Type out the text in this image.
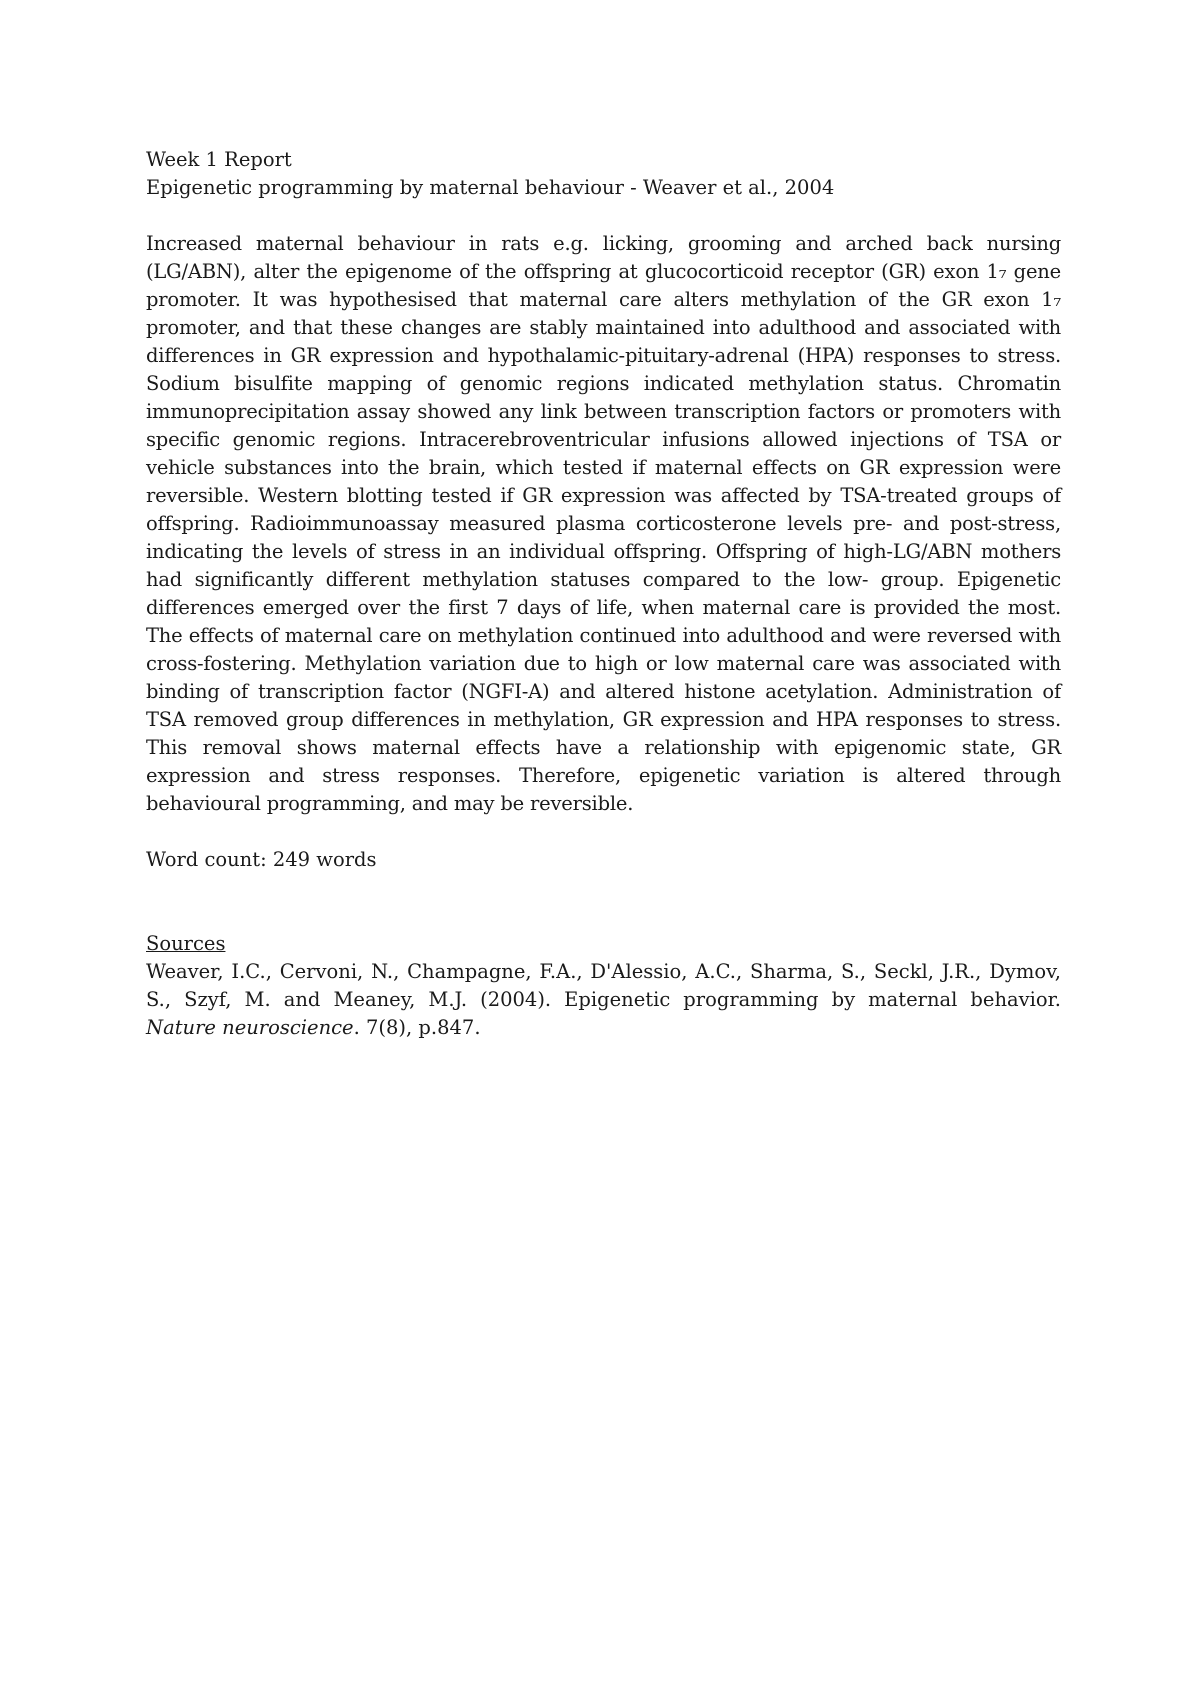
Week 1 Report
Epigenetic programming by maternal behaviour - Weaver et al., 2004
Increased maternal behaviour in rats e.g. licking, grooming and arched back nursing (LG/ABN), alter the epigenome of the offspring at glucocorticoid receptor (GR) exon 1₇ gene promoter. It was hypothesised that maternal care alters methylation of the GR exon 1₇ promoter, and that these changes are stably maintained into adulthood and associated with differences in GR expression and hypothalamic-pituitary-adrenal (HPA) responses to stress. Sodium bisulfite mapping of genomic regions indicated methylation status. Chromatin immunoprecipitation assay showed any link between transcription factors or promoters with specific genomic regions. Intracerebroventricular infusions allowed injections of TSA or vehicle substances into the brain, which tested if maternal effects on GR expression were reversible. Western blotting tested if GR expression was affected by TSA-treated groups of offspring. Radioimmunoassay measured plasma corticosterone levels pre- and post-stress, indicating the levels of stress in an individual offspring. Offspring of high-LG/ABN mothers had significantly different methylation statuses compared to the low- group. Epigenetic differences emerged over the first 7 days of life, when maternal care is provided the most. The effects of maternal care on methylation continued into adulthood and were reversed with cross-fostering. Methylation variation due to high or low maternal care was associated with binding of transcription factor (NGFI-A) and altered histone acetylation. Administration of TSA removed group differences in methylation, GR expression and HPA responses to stress. This removal shows maternal effects have a relationship with epigenomic state, GR expression and stress responses. Therefore, epigenetic variation is altered through behavioural programming, and may be reversible.
Word count: 249 words
Sources
Weaver, I.C., Cervoni, N., Champagne, F.A., D'Alessio, A.C., Sharma, S., Seckl, J.R., Dymov, S., Szyf, M. and Meaney, M.J. (2004). Epigenetic programming by maternal behavior. Nature neuroscience. 7(8), p.847.
